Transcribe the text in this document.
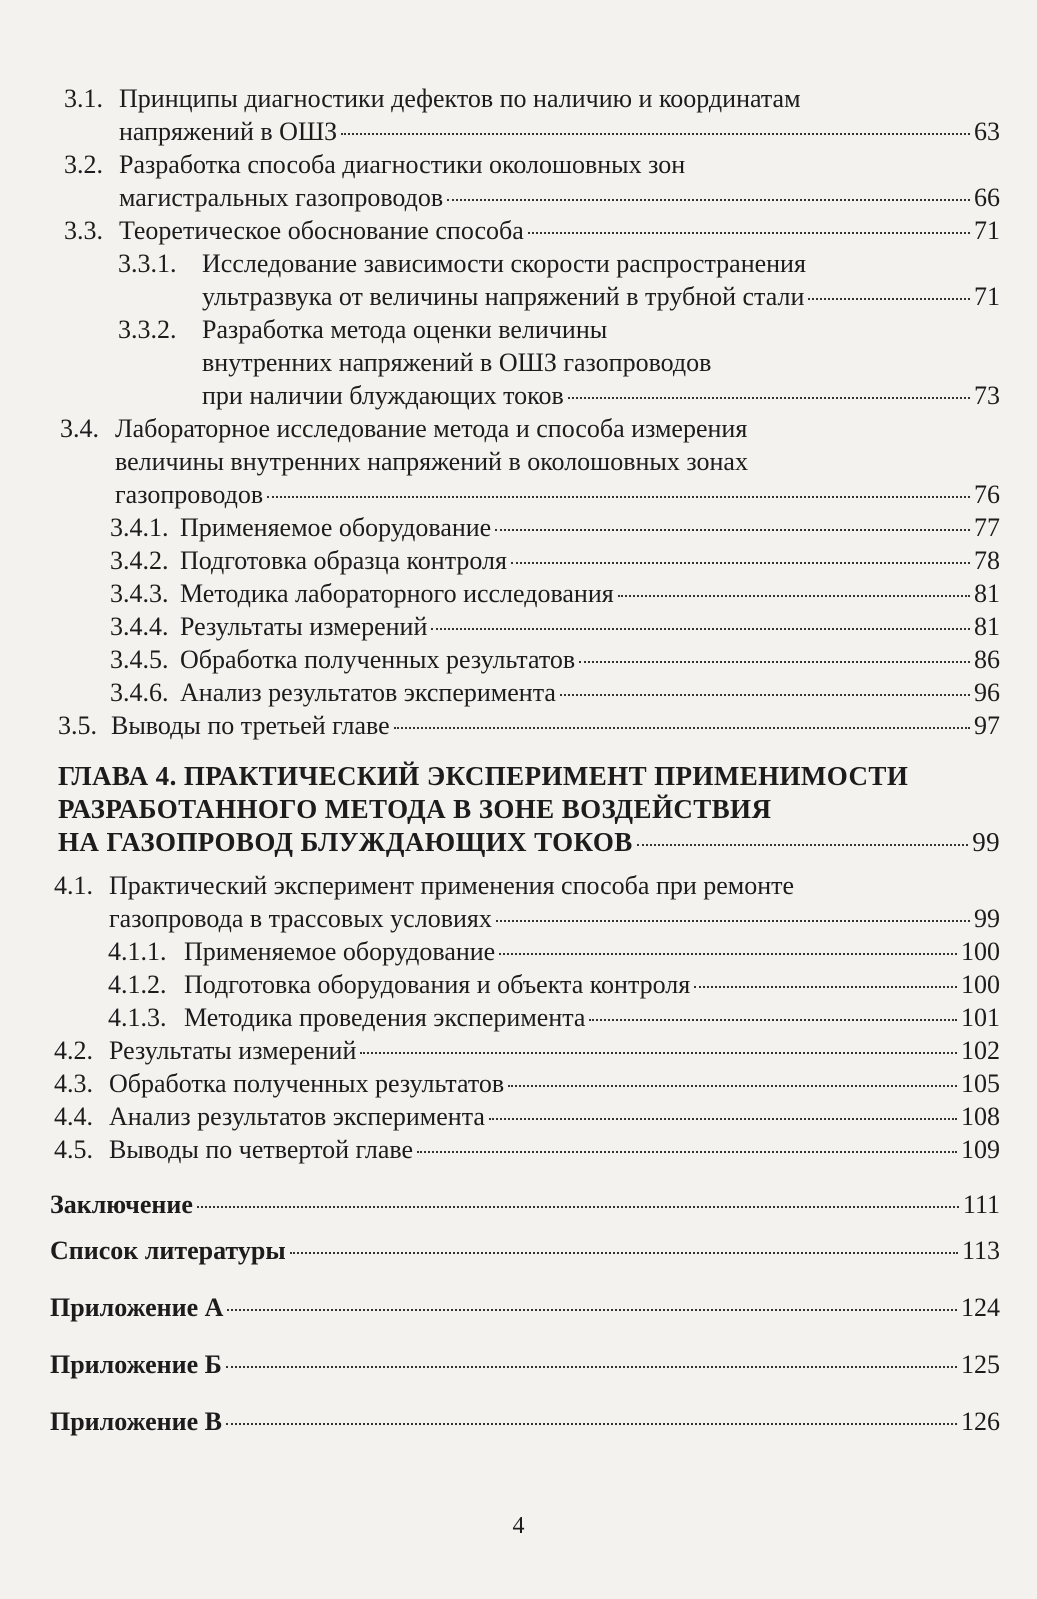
3.1. Принципы диагностики дефектов по наличию и координатам
напряжений в ОШЗ	63
3.2. Разработка способа диагностики околошовных зон
магистральных газопроводов	66
3.3. Теоретическое обоснование способа	71
3.3.1. Исследование зависимости скорости распространения
ультразвука от величины напряжений в трубной стали	71
3.3.2. Разработка метода оценки величины
внутренних напряжений в ОШЗ газопроводов
при наличии блуждающих токов	73
3.4. Лабораторное исследование метода и способа измерения
величины внутренних напряжений в околошовных зонах
газопроводов	76
3.4.1. Применяемое оборудование	77
3.4.2. Подготовка образца контроля	78
3.4.3. Методика лабораторного исследования	81
3.4.4. Результаты измерений	81
3.4.5. Обработка полученных результатов	86
3.4.6. Анализ результатов эксперимента	96
3.5. Выводы по третьей главе	97
ГЛАВА 4. ПРАКТИЧЕСКИЙ ЭКСПЕРИМЕНТ ПРИМЕНИМОСТИ
РАЗРАБОТАННОГО МЕТОДА В ЗОНЕ ВОЗДЕЙСТВИЯ
НА ГАЗОПРОВОД БЛУЖДАЮЩИХ ТОКОВ	99
4.1. Практический эксперимент применения способа при ремонте
газопровода в трассовых условиях	99
4.1.1. Применяемое оборудование	100
4.1.2. Подготовка оборудования и объекта контроля	100
4.1.3. Методика проведения эксперимента	101
4.2. Результаты измерений	102
4.3. Обработка полученных результатов	105
4.4. Анализ результатов эксперимента	108
4.5. Выводы по четвертой главе	109
Заключение	111
Список литературы	113
Приложение А	124
Приложение Б	125
Приложение В	126
4
